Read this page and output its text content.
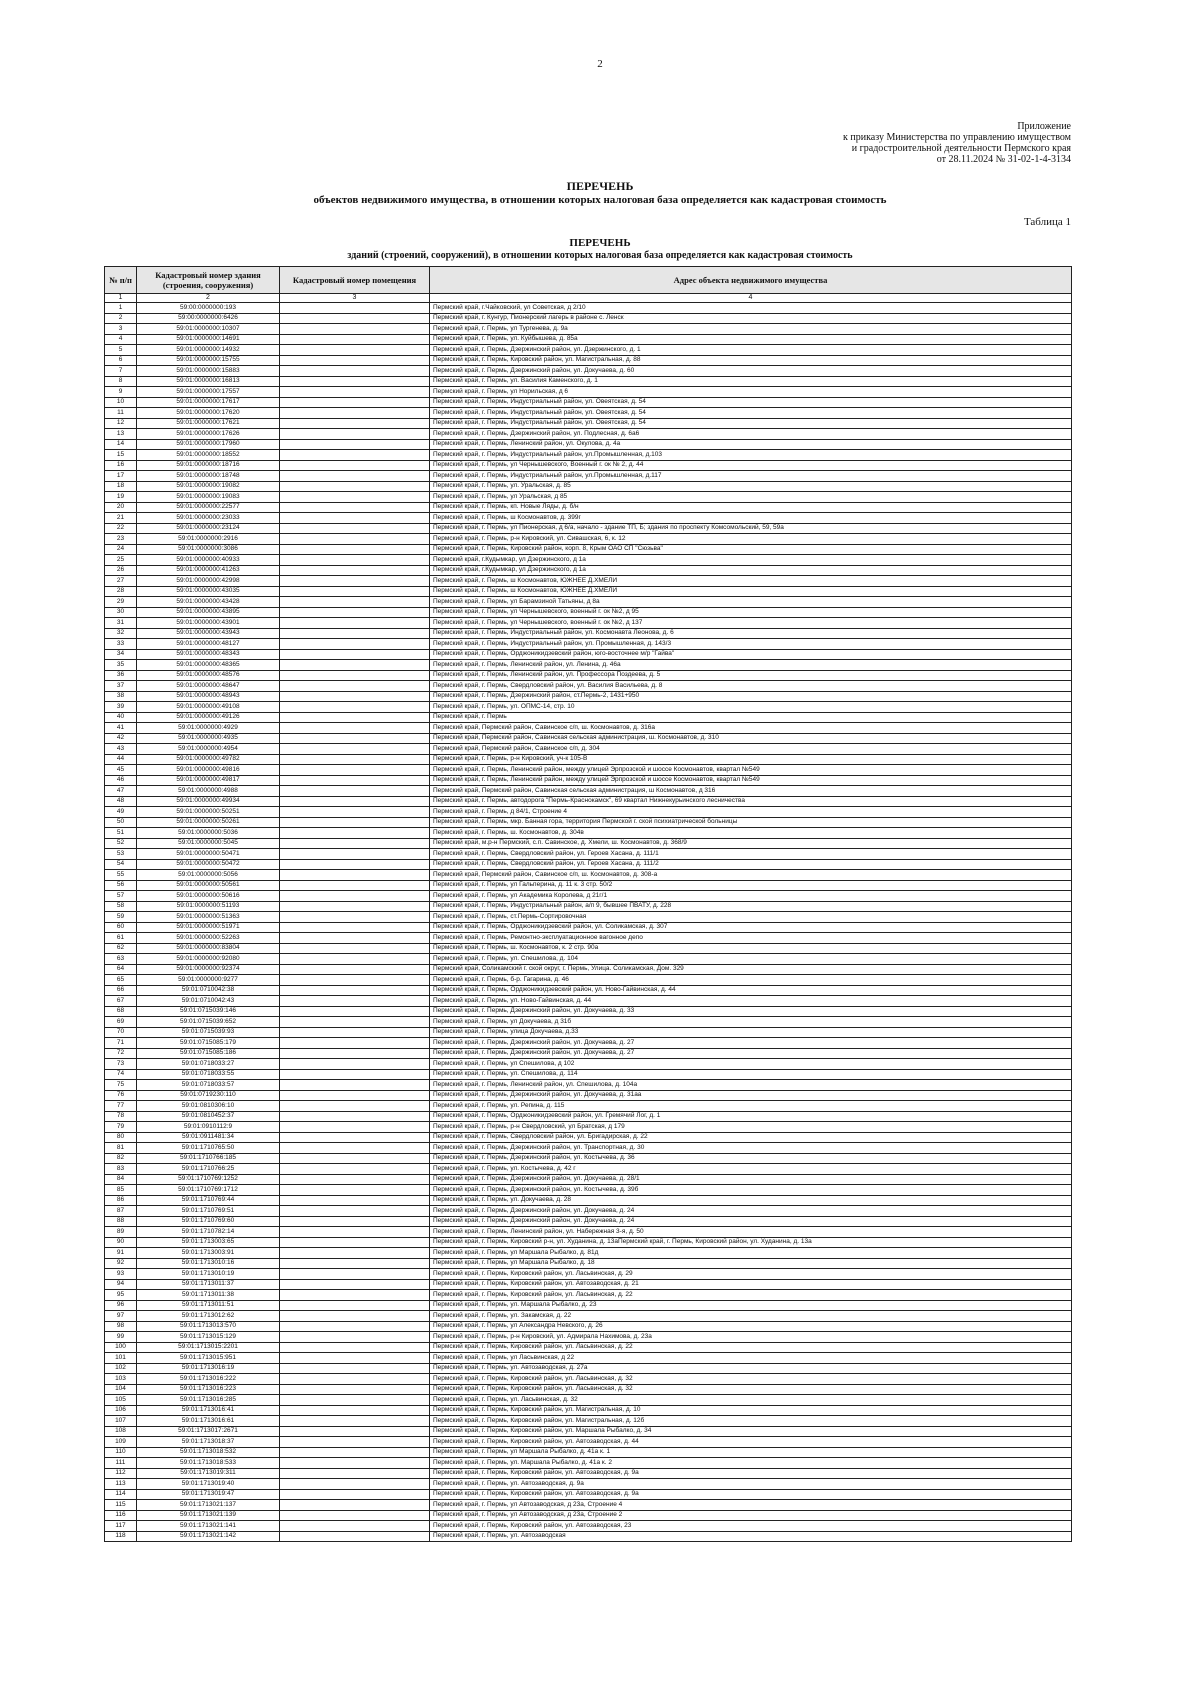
2
Приложение
к приказу Министерства по управлению имуществом
и градостроительной деятельности Пермского края
от 28.11.2024 № 31-02-1-4-3134
ПЕРЕЧЕНЬ
объектов недвижимого имущества, в отношении которых налоговая база определяется как кадастровая стоимость
Таблица 1
ПЕРЕЧЕНЬ
зданий (строений, сооружений), в отношении которых налоговая база определяется как кадастровая стоимость
№ п/п	Кадастровый номер здания (строения, сооружения)	Кадастровый номер помещения	Адрес объекта недвижимого имущества
1	2	3	4
1	59:00:0000000:193		Пермский край, г.Чайковский, ул Советская, д 2/10
2	59:00:0000000:6426		Пермский край, г. Кунгур, Пионерский лагерь в районе с. Ленск
3	59:01:0000000:10307		Пермский край, г. Пермь, ул Тургенева, д. 9а
4	59:01:0000000:14691		Пермский край, г. Пермь, ул. Куйбышева, д. 85а
5	59:01:0000000:14932		Пермский край, г. Пермь, Дзержинский район, ул. Дзержинского, д. 1
6	59:01:0000000:15755		Пермский край, г. Пермь, Кировский район, ул. Магистральная, д. 88
7	59:01:0000000:15883		Пермский край, г. Пермь, Дзержинский район, ул. Докучаева, д. 60
8	59:01:0000000:16813		Пермский край, г. Пермь, ул. Василия Каменского, д. 1
9	59:01:0000000:17557		Пермский край, г. Пермь, ул Норильская, д 6
10	59:01:0000000:17617		Пермский край, г. Пермь, Индустриальный район, ул. Овеятская, д. 54
11	59:01:0000000:17620		Пермский край, г. Пермь, Индустриальный район, ул. Овеятская, д. 54
12	59:01:0000000:17621		Пермский край, г. Пермь, Индустриальный район, ул. Овеятская, д. 54
13	59:01:0000000:17626		Пермский край, г. Пермь, Дзержинский район, ул. Подлесная, д. 6а6
14	59:01:0000000:17960		Пермский край, г. Пермь, Ленинский район, ул. Окулова, д. 4а
15	59:01:0000000:18552		Пермский край, г. Пермь, Индустриальный район, ул.Промышленная, д.103
16	59:01:0000000:18716		Пермский край, г. Пермь, ул Чернышевского, Военный г. ок № 2, д. 44
17	59:01:0000000:18748		Пермский край, г. Пермь, Индустриальный район, ул.Промышленная, д.117
18	59:01:0000000:19082		Пермский край, г. Пермь, ул. Уральская, д. 85
19	59:01:0000000:19083		Пермский край, г. Пермь, ул Уральская, д 85
20	59:01:0000000:22577		Пермский край, г. Пермь, кп. Новые Ляды, д. б/н
21	59:01:0000000:23033		Пермский край, г. Пермь, ш Космонавтов, д. 399г
22	59:01:0000000:23124		Пермский край, г. Пермь, ул Пионерская, д 6/а, начало - здание ТП, Б; здания по проспекту Комсомольский, 59, 59а
23	59:01:0000000:2916		Пермский край, г. Пермь, р-н Кировский, ул. Сивашская, 6, к. 12
24	59:01:0000000:3086		Пермский край, г. Пермь, Кировский район, корп. 8, Крым ОАО СП "Сюзьва"
25	59:01:0000000:40933		Пермский край, г.Кудымкар, ул Дзержинского, д 1а
26	59:01:0000000:41263		Пермский край, г.Кудымкар, ул Дзержинского, д 1а
27	59:01:0000000:42998		Пермский край, г. Пермь, ш Космонавтов, ЮЖНЕЕ Д.ХМЕЛИ
28	59:01:0000000:43035		Пермский край, г. Пермь, ш Космонавтов, ЮЖНЕЕ Д.ХМЕЛИ
29	59:01:0000000:43428		Пермский край, г. Пермь, ул Барамзиной Татьяны, д 8а
30	59:01:0000000:43895		Пермский край, г. Пермь, ул Чернышевского, военный г. ок №2, д 95
31	59:01:0000000:43901		Пермский край, г. Пермь, ул Чернышевского, военный г. ок №2, д 137
32	59:01:0000000:43943		Пермский край, г. Пермь, Индустриальный район, ул. Космонавта Леонова, д. 6
33	59:01:0000000:48127		Пермский край, г. Пермь, Индустриальный район, ул. Промышленная, д. 143/3
34	59:01:0000000:48343		Пермский край, г. Пермь, Орджоникидзевский район, юго-восточнее м/р "Гайва"
35	59:01:0000000:48365		Пермский край, г. Пермь, Ленинский район, ул. Ленина, д. 46а
36	59:01:0000000:48576		Пермский край, г. Пермь, Ленинский район, ул. Профессора Поздеева, д. 5
37	59:01:0000000:48647		Пермский край, г. Пермь, Свердловский район, ул. Василия Васильева, д. 8
38	59:01:0000000:48943		Пермский край, г. Пермь, Дзержинский район, ст.Пермь-2, 1431+950
39	59:01:0000000:49108		Пермский край, г. Пермь, ул. ОПМС-14, стр. 10
40	59:01:0000000:49126		Пермский край, г. Пермь
41	59:01:0000000:4929		Пермский край, Пермский район, Савинское с/п, ш. Космонавтов, д. 316а
42	59:01:0000000:4935		Пермский край, Пермский район, Савинская сельская администрация, ш. Космонавтов, д. 310
43	59:01:0000000:4954		Пермский край, Пермский район, Савинское с/п, д. 304
44	59:01:0000000:49782		Пермский край, г. Пермь, р-н Кировский, уч-к 105-В
45	59:01:0000000:49816		Пермский край, г. Пермь, Ленинский район, между улицей Эрпрозской и шоссе Космонавтов, квартал №549
46	59:01:0000000:49817		Пермский край, г. Пермь, Ленинский район, между улицей Эрпрозской и шоссе Космонавтов, квартал №549
47	59:01:0000000:4988		Пермский край, Пермский район, Савинская сельская администрация, ш Космонавтов, д 316
48	59:01:0000000:49934		Пермский край, г. Пермь, автодорога "Пермь-Краснокамск", 69 квартал Нижнекурьинского лесничества
49	59:01:0000000:50251		Пермский край, г. Пермь, д 84/1, Строение 4
50	59:01:0000000:50261		Пермский край, г. Пермь, мкр. Банная гора, территория Пермской г. ской психиатрической больницы
51	59:01:0000000:5036		Пермский край, г. Пермь, ш. Космонавтов, д. 304в
52	59:01:0000000:5045		Пермский край, м.р-н Пермский, с.п. Савинское, д. Хмели, ш. Космонавтов, д. 368/9
53	59:01:0000000:50471		Пермский край, г. Пермь, Свердловский район, ул. Героев Хасана, д. 111/1
54	59:01:0000000:50472		Пермский край, г. Пермь, Свердловский район, ул. Героев Хасана, д. 111/2
55	59:01:0000000:5056		Пермский край, Пермский район, Савинское с/п, ш. Космонавтов, д. 308-а
56	59:01:0000000:50561		Пермский край, г. Пермь, ул Гальперина, д. 11 к. 3 стр. 50/2
57	59:01:0000000:50616		Пермский край, г. Пермь, ул Академика Королева, д 21г/1
58	59:01:0000000:51193		Пермский край, г. Пермь, Индустриальный район, а/п 9, бывшее ПВАТУ, д. 228
59	59:01:0000000:51363		Пермский край, г. Пермь, ст.Пермь-Сортировочная
60	59:01:0000000:51971		Пермский край, г. Пермь, Орджоникидзевский район, ул. Соликамская, д. 307
61	59:01:0000000:52263		Пермский край, г. Пермь, Ремонтно-эксплуатационное вагонное депо
62	59:01:0000000:83804		Пермский край, г. Пермь, ш. Космонавтов, к. 2 стр. 90а
63	59:01:0000000:92080		Пермский край, г. Пермь, ул. Спешилова, д. 104
64	59:01:0000000:92374		Пермский край, Соликамский г. ской округ, г. Пермь, Улица. Соликамская, Дом. 329
65	59:01:0000000:9277		Пермский край, г. Пермь, б-р. Гагарина, д. 46
66	59:01:0710042:38		Пермский край, г. Пермь, Орджоникидзевский район, ул. Ново-Гайвинская, д. 44
67	59:01:0710042:43		Пермский край, г. Пермь, ул. Ново-Гайвинская, д. 44
68	59:01:0715039:146		Пермский край, г. Пермь, Дзержинский район, ул. Докучаева, д. 33
69	59:01:0715039:652		Пермский край, г. Пермь, ул Докучаева, д 31б
70	59:01:0715039:93		Пермский край, г. Пермь, улица Докучаева, д.33
71	59:01:0715085:179		Пермский край, г. Пермь, Дзержинский район, ул. Докучаева, д. 27
72	59:01:0715085:186		Пермский край, г. Пермь, Дзержинский район, ул. Докучаева, д. 27
73	59:01:0718033:27		Пермский край, г. Пермь, ул Спешилова, д 102
74	59:01:0718033:55		Пермский край, г. Пермь, ул. Спешилова, д. 114
75	59:01:0718033:57		Пермский край, г. Пермь, Ленинский район, ул. Спешилова, д. 104а
76	59:01:0719230:110		Пермский край, г. Пермь, Дзержинский район, ул. Докучаева, д. 31аа
77	59:01:0810306:10		Пермский край, г. Пермь, ул. Репина, д. 115
78	59:01:0810452:37		Пермский край, г. Пермь, Орджоникидзевский район, ул. Гремячий Лог, д. 1
79	59:01:0910112:9		Пермский край, г. Пермь, р-н Свердловский, ул Братская, д 179
80	59:01:0911481:34		Пермский край, г. Пермь, Свердловский район, ул. Бригадирская, д. 22
81	59:01:1710765:50		Пермский край, г. Пермь, Дзержинский район, ул. Транспортная, д. 30
82	59:01:1710766:185		Пермский край, г. Пермь, Дзержинский район, ул. Костычева, д. 36
83	59:01:1710766:25		Пермский край, г. Пермь, ул. Костычева, д. 42 г
84	59:01:1710769:1252		Пермский край, г. Пермь, Дзержинский район, ул. Докучаева, д. 28/1
85	59:01:1710769:1712		Пермский край, г. Пермь, Дзержинский район, ул. Костычева, д. 39б
86	59:01:1710769:44		Пермский край, г. Пермь, ул. Докучаева, д. 28
87	59:01:1710769:51		Пермский край, г. Пермь, Дзержинский район, ул. Докучаева, д. 24
88	59:01:1710769:60		Пермский край, г. Пермь, Дзержинский район, ул. Докучаева, д. 24
89	59:01:1710782:14		Пермский край, г. Пермь, Ленинский район, ул. Набережная 3-я, д. 50
90	59:01:1713003:65		Пермский край, г. Пермь, Кировский р-н, ул. Худанина, д. 13аПермский край, г. Пермь, Кировский район, ул. Худанина, д. 13а
91	59:01:1713003:91		Пермский край, г. Пермь, ул Маршала Рыбалко, д. 81д
92	59:01:1713010:16		Пермский край, г. Пермь, ул Маршала Рыбалко, д. 18
93	59:01:1713010:19		Пермский край, г. Пермь, Кировский район, ул. Ласьвинская, д. 29
94	59:01:1713011:37		Пермский край, г. Пермь, Кировский район, ул. Автозаводская, д. 21
95	59:01:1713011:38		Пермский край, г. Пермь, Кировский район, ул. Ласьвинская, д. 22
96	59:01:1713011:51		Пермский край, г. Пермь, ул. Маршала Рыбалко, д. 23
97	59:01:1713012:62		Пермский край, г. Пермь, ул. Закамская, д. 22
98	59:01:1713013:570		Пермский край, г. Пермь, ул Александра Невского, д. 26
99	59:01:1713015:129		Пермский край, г. Пермь, р-н Кировский, ул. Адмирала Нахимова, д. 23а
100	59:01:1713015:2201		Пермский край, г. Пермь, Кировский район, ул. Ласьвинская, д. 22
101	59:01:1713015:951		Пермский край, г. Пермь, ул Ласьвинская, д 22
102	59:01:1713016:19		Пермский край, г. Пермь, ул. Автозаводская, д. 27а
103	59:01:1713016:222		Пермский край, г. Пермь, Кировский район, ул. Ласьвинская, д. 32
104	59:01:1713016:223		Пермский край, г. Пермь, Кировский район, ул. Ласьвинская, д. 32
105	59:01:1713016:285		Пермский край, г. Пермь, ул. Ласьвинская, д. 32
106	59:01:1713016:41		Пермский край, г. Пермь, Кировский район, ул. Магистральная, д. 10
107	59:01:1713016:61		Пермский край, г. Пермь, Кировский район, ул. Магистральная, д. 12б
108	59:01:1713017:2671		Пермский край, г. Пермь, Кировский район, ул. Маршала Рыбалко, д. 34
109	59:01:1713018:37		Пермский край, г. Пермь, Кировский район, ул. Автозаводская, д. 44
110	59:01:1713018:532		Пермский край, г. Пермь, ул Маршала Рыбалко, д. 41а к. 1
111	59:01:1713018:533		Пермский край, г. Пермь, ул. Маршала Рыбалко, д. 41а к. 2
112	59:01:1713019:311		Пермский край, г. Пермь, Кировский район, ул. Автозаводская, д. 9а
113	59:01:1713019:40		Пермский край, г. Пермь, ул. Автозаводская, д. 9а
114	59:01:1713019:47		Пермский край, г. Пермь, Кировский район, ул. Автозаводская, д. 9а
115	59:01:1713021:137		Пермский край, г. Пермь, ул Автозаводская, д 23а, Строение 4
116	59:01:1713021:139		Пермский край, г. Пермь, ул Автозаводская, д 23а, Строение 2
117	59:01:1713021:141		Пермский край, г. Пермь, Кировский район, ул. Автозаводская, 23
118	59:01:1713021:142		Пермский край, г. Пермь, ул. Автозаводская
